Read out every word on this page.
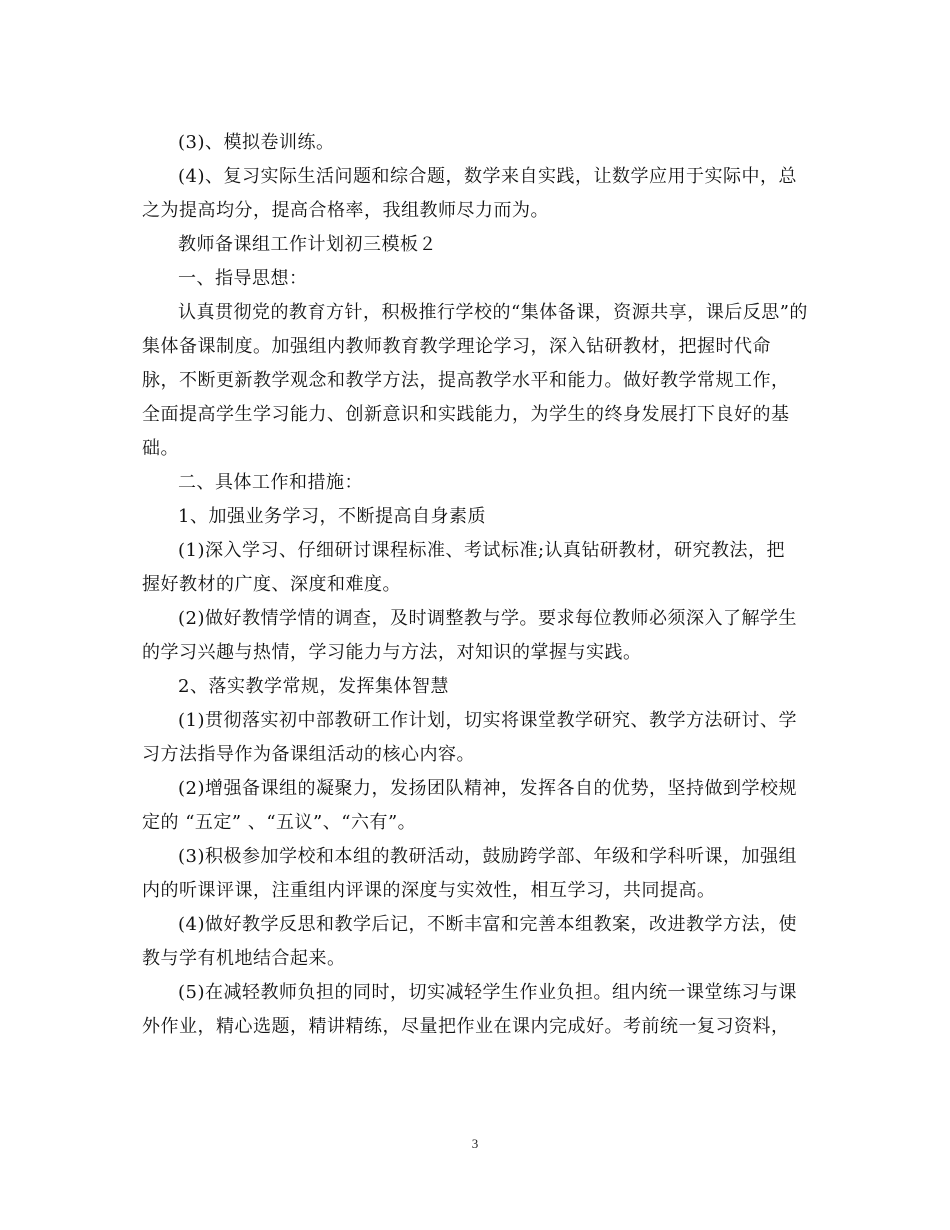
(3)、模拟卷训练。
(4)、复习实际生活问题和综合题，数学来自实践，让数学应用于实际中，总
之为提高均分，提高合格率，我组教师尽力而为。
教师备课组工作计划初三模板２
一、指导思想：
认真贯彻党的教育方针，积极推行学校的“集体备课，资源共享，课后反思”的
集体备课制度。加强组内教师教育教学理论学习，深入钻研教材，把握时代命
脉，不断更新教学观念和教学方法，提高教学水平和能力。做好教学常规工作，
全面提高学生学习能力、创新意识和实践能力，为学生的终身发展打下良好的基
础。
二、具体工作和措施：
1、加强业务学习，不断提高自身素质
(1)深入学习、仔细研讨课程标准、考试标准;认真钻研教材，研究教法，把
握好教材的广度、深度和难度。
(2)做好教情学情的调查，及时调整教与学。要求每位教师必须深入了解学生
的学习兴趣与热情，学习能力与方法，对知识的掌握与实践。
2、落实教学常规，发挥集体智慧
(1)贯彻落实初中部教研工作计划，切实将课堂教学研究、教学方法研讨、学
习方法指导作为备课组活动的核心内容。
(2)增强备课组的凝聚力，发扬团队精神，发挥各自的优势，坚持做到学校规
定的 “五定” 、“五议”、“六有”。
(3)积极参加学校和本组的教研活动，鼓励跨学部、年级和学科听课，加强组
内的听课评课，注重组内评课的深度与实效性，相互学习，共同提高。
(4)做好教学反思和教学后记，不断丰富和完善本组教案，改进教学方法，使
教与学有机地结合起来。
(5)在减轻教师负担的同时，切实减轻学生作业负担。组内统一课堂练习与课
外作业，精心选题，精讲精练，尽量把作业在课内完成好。考前统一复习资料，
3
